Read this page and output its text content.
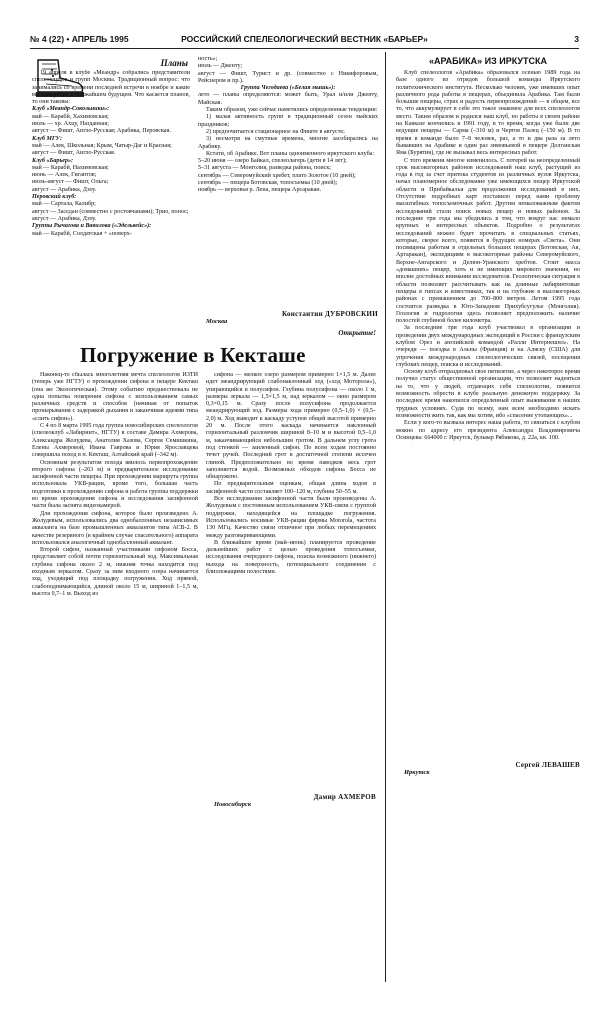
№ 4 (22) • АПРЕЛЬ 1995	РОССИЙСКИЙ СПЕЛЕОЛОГИЧЕСКИЙ ВЕСТНИК «БАРЬЕР»	3
Планы

19 апреля в клубе «Меандр» собрались представители спелеоклубов и групп Москвы. Традиционный вопрос: что занимались со времени последней встречи в ноябре и какие вы намерения в ближайшем будущем. Что касается планов, то они таковы:

Клуб «Меандр-Сокольники»:

май — Карабй, Хахимовская;

июль — хр. Ахцу, Назданная;

август — Фишт, Англо-Русская; Арабика, Перовская.

Клуб МГУ:

май — Алек, Школьная; Крым, Чатыр-Даг и Красная;

август — Фишт, Англо-Русская.

Клуб «Барьер»:

май — Карабй, Нахимовская;

июнь — Алек, Гигантов;

июль-август — Фишт, Ольга;

август — Арабика, Дзоу.

Перовский клуб:

май — Сартала, Калибр;

август — Заседан (совместно с ростовчанами); Трио, понос;

август — Арабика, Дзоу.

Группы Рычагова и Вавилова («Эдельвейс»):

май — Карабй, Солдатская + «поверх-

ность»;

июль — Дженту;

август — Фишт, Турист и др. (совместно с Никифоровым, Рейснером и пр.).

Группа Чегодаева («Белая мышь»):

лето — планы определяются: может быть, Урал и/или Дженту, Майская.

Таким образом, уже сейчас наметились определенные тенденции:

1) малая активность групп в традиционный сезон майских праздников;

2) предпочитается стационарное на Фиште в августе;

3) несмотря на смутные времена, многие засобирались на Арабику.

Кстати, об Арабике. Вот планы одноименного иркутского клуба:

5–20 июня — озеро Байкал, спелеолагерь (дети в 14 лет);

5–31 августа — Монголия, разведка района, поиск;

сентябрь — Северомуйский хребет, плато Золотое (10 дней);

сентябрь — пещера Ботовская, топосъемка (10 дней);

ноябрь — верховья р. Лена, пещера Арсаракан.

Константин ДУБРОВСКИЙ

Москва

Открытие!
Погружение в Кекташе

Наконец-то сбылась многолетняя мечта спелеологов ИЗТИ (теперь уже НГТУ) о прохождении сифона в пещере Кекташ (она же Экологическая). Этому событию предшествовала не одна попытка покорения сифона с использованием самых различных средств и способов (начиная от попыток пронырывания с задержкой дыхания и заканчивая идеями типа «слить сифон»).

С 4 по 8 марта 1995 года группа новосибирских спелеологов (спелеоклуб «Лабиринт», НГТУ) в составе Дамира Ахмерова, Александра Жолудева, Анатолия Хазова, Сергея Семишкина, Елены Ахмеровой, Ивана Гаврова и Юрия Ярославцева совершила поход в п. Кекташ, Алтайский край (–342 м).

Основным результатом похода явилось первопрохождение второго сифона (–263 м) и предварительное исследование засифонной части пещеры. При прохождении маршрута группа использовала УКВ-рации, кроме того, большая часть подготовки к прохождению сифона и работа группы поддержки во время прохождения сифона и исследования засифонной части была заснята видеокамерой.

Для прохождения сифона, которое было произведено А. Жолудевым, использовались два однобаллонных независимых акваланга на базе промышленных аквалангов типа АСВ-2. В качестве резервного (в крайнем случае спасательного) аппарата использовался аналогичный однобаллонный акваланг.

Второй сифон, названный участниками сифоном Босса, представляет собой почти горизонтальный ход. Максимальная глубина сифона около 2 м, нижняя точка находится под входным зеркалом. Сразу за ним входного озера начинается ход, уходящий под площадку погружения. Ход прямой, слабоподнимающийся, длиной около 15 м, шириной 1–1,5 м, высота 0,7–1 м. Выход из

сифона — мелкое озеро размером примерно 1×1,5 м. Далее идет меандрирующий слабонаклонный ход («ход Моторола»), упирающийся в полусифон. Глубина полусифона — около 1 м, размеры зеркала — 1,5×1,5 м, над зеркалом — окно размером 0,3×0,15 м. Сразу после полусифона продолжается меандрирующий ход. Размеры хода примерно (0,5–1,0) × (0,5–2,0) м. Ход выводит к каскаду уступов общей высотой примерно 20 м. После этого каскада начинается наклонный горизонтальный разломчик шириной 8–10 м и высотой 0,5–1,0 м, заканчивающийся небольшим гротом. В дальнем углу грота под стенкой — заиленный сифон. По всем ходам постоянно течет ручей. Последний грот в достаточной степени иссечен глиной. Предположительно во время паводков весь грот заполняется водой. Возможных обходов сифона Босса не обнаружено.

По предварительным оценкам, общая длина ходов в засифонной части составляет 100–120 м, глубина 50–55 м.

Все исследования засифонной части были произведены А. Жолудевым с постоянным использованием УКВ-связи с группой поддержки, находящейся на площадке погружения. Использовались носимые УКВ-рации фирмы Motorola, частота 130 МГц. Качество связи отличное при любых перемещениях между разговаривающими.

В ближайшее время (май–июнь) планируется проведение дальнейших работ с целью проведения топосъемки, исследования очередного сифона, поиска возможного (нижнего) выхода на поверхность, потенциального соединения с близлежащими полостями.

Дамир АХМЕРОВ

Новосибирск

«АРАБИКА» ИЗ ИРКУТСКА

Клуб спелеологов «Арабика» образовался осенью 1989 года на базе одного из отрядов большой команды Иркутского политехнического института. Несколько человек, уже имевших опыт различного рода работы в пещерах, объединила Арабика. Там были большие пещеры, страх и радость первопрохождений — в общем, все то, что аккумулирует в себе это такое знакомое для всех спелеологов место. Таким образом и родился наш клуб, но работы в своем районе на Кавказе кончились в 1991 году, в то время, когда уже были две ведущие пещеры — Сарма (–310 м) и Чертов Палец (–150 м). В то время в команде было 7–8 человек, раз, а то и два раза за лето бывавших на Арабике и один раз зимовьевой в пещере Долганская Яма (Бурятия), где не вызывал весь интересных работ.

С того времени многое изменилось. С потерей на неопределенный срок высокогорных районов исследований наш клуб, растущий из года в год за счет притока студентов из различных вузов Иркутска, начал планомерное обследование уже имеющихся пещер Иркутской области и Прибайкалья для продолжения исследований в них. Отсутствие подробных карт поставило перед нами проблему масштабных топосъемочных работ. Другим немаловажным фактом исследований стали поиск новых пещер и новых районов. За последние три года мы убедились в том, что вокруг нас немало крупных и интересных объектов. Подробно о результатах исследований можно будет прочитать в специальных статьях, которые, скорее всего, появятся в будущих номерах «Света». Они посвящены работам в отдельных больших пещерах (Ботовская, Ая, Аргаракан), экспедициям в высокогорные районы Северомуйского, Верхне-Ангарского и Делюн-Уранского хребтов. Стоит масса «домашних» пещер, хоть и не имеющих мирового значения, но вполне достойных внимания исследователя. Геологическая ситуация в области позволяет рассчитывать как на длинные лабиринтовые пещеры в гипсах и известняках, так и на глубокие в высокогорных районах с превышением до 700–800 метров. Летом 1995 года состоится разведка в Юго-Западном Прихубсугулье (Монголия). Геология и гидрология здесь позволяет предположить наличие полостей глубиной более километра.

За последние три года клуб участвовал в организации и проведении двух международных экспедиций в России с французским клубом Орез и английской командой «Ралли Интернешнл». На очереди — поездка в Альпы (Франция) и на Аляску (США) для упрочения международных спелеологических связей, посещения глубоких пещер, поиска и исследований.

Основу клуб отпраздновал свое пятилетие, а через некоторое время получил статус общественной организации, что позволяет надеяться на то, что у людей, отдающих себя спелеологии, появится возможность обрести в клубе реальную денежную поддержку. За последнее время накопился определенный опыт выживания в наших трудных условиях. Судя по всему, нам всем необходимо искать возможности жить так, как мы хотим, ибо «спасение утопающих»...

Если у кого-то вызвала интерес наша работа, то связаться с клубом можно по адресу его президента Александра Владимировича Осинцева: 664000 г. Иркутск, бульвар Рябикова, д. 22а, кв. 100.

Сергей ЛЕВАШЕВ

Иркутск
